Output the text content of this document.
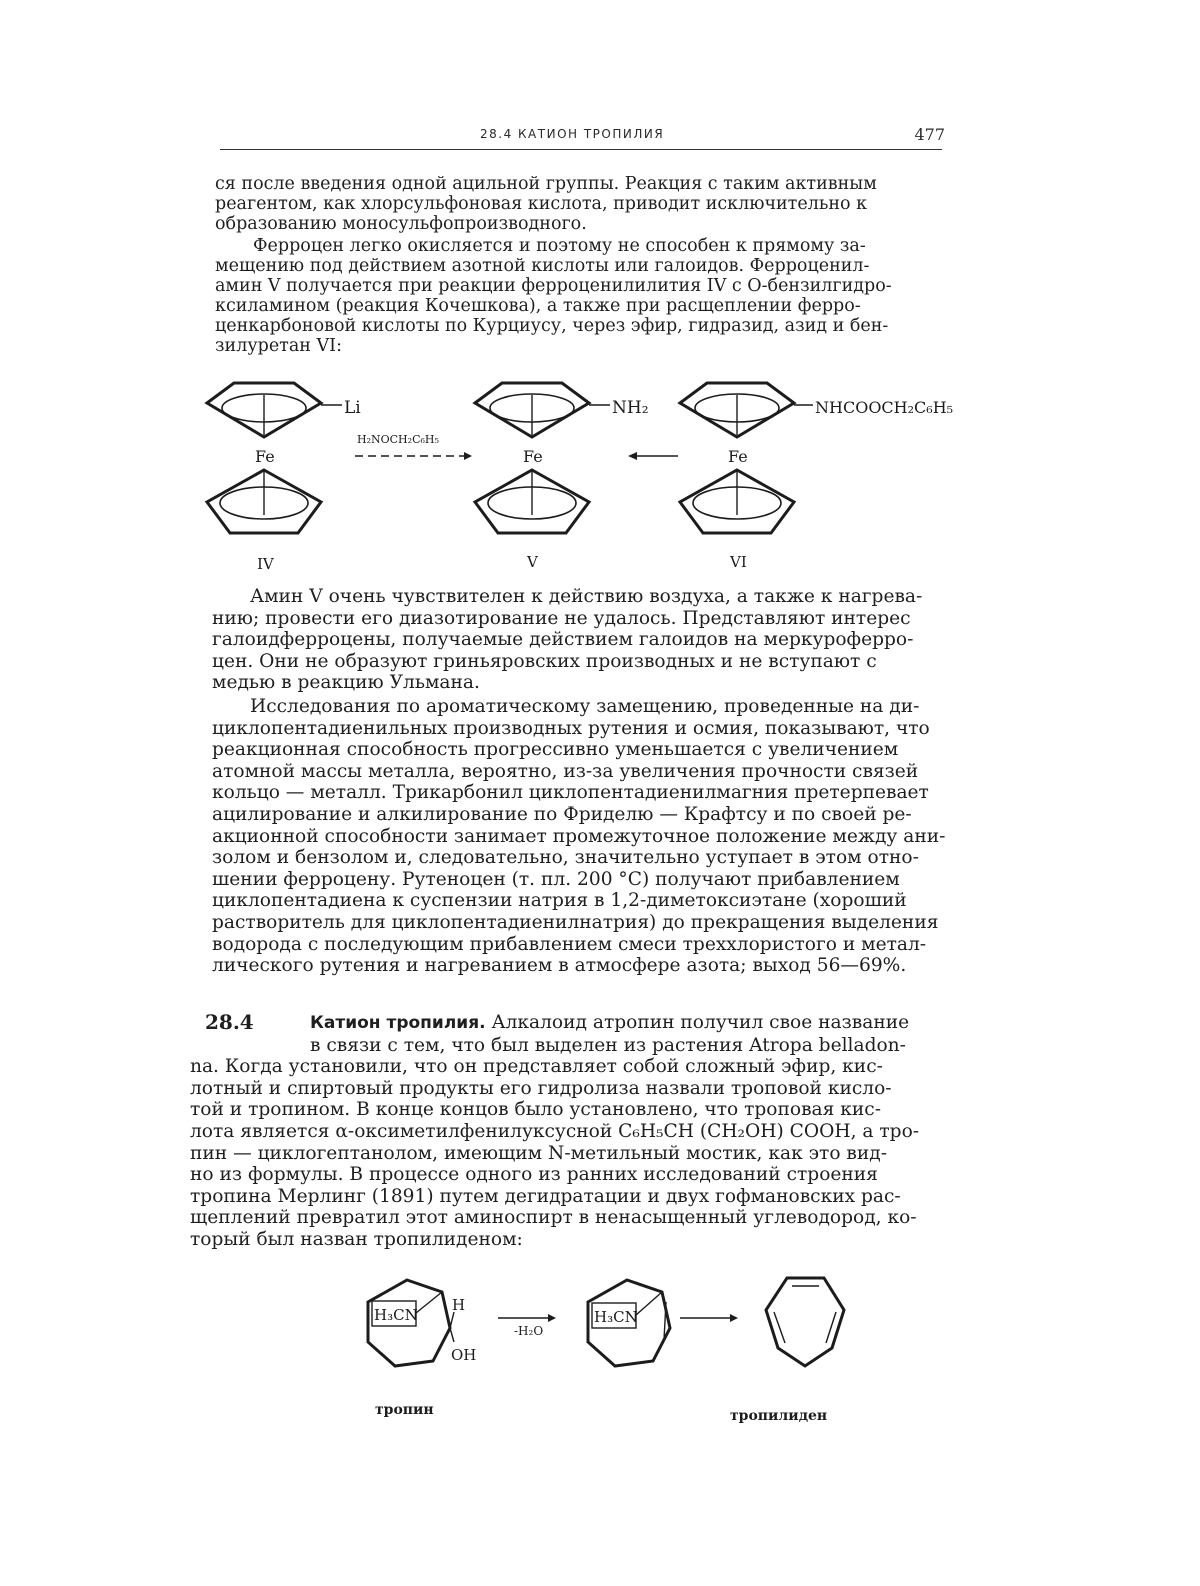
28.4 КАТИОН ТРОПИЛИЯ	477

ся после введения одной ацильной группы. Реакция с таким активным

реагентом, как хлорсульфоновая кислота, приводит исключительно к

образованию моносульфопроизводного.

Ферроцен легко окисляется и поэтому не способен к прямому за-

мещению под действием азотной кислоты или галоидов. Ферроценил-

амин V получается при реакции ферроценилилития IV с О-бензилгидро-

ксиламином (реакция Кочешкова), а также при расщеплении ферро-

ценкарбоновой кислоты по Курциусу, через эфир, гидразид, азид и бен-

зилуретан VI:

Li
Fe
H₂NOCH₂C₆H₅
NH₂
Fe
NHCOOCH₂C₆H₅
Fe
IV	V	VI

Амин V очень чувствителен к действию воздуха, а также к нагрева-

нию; провести его диазотирование не удалось. Представляют интерес

галоидферроцены, получаемые действием галоидов на меркуроферро-

цен. Они не образуют гриньяровских производных и не вступают с

медью в реакцию Ульмана.

Исследования по ароматическому замещению, проведенные на ди-

циклопентадиенильных производных рутения и осмия, показывают, что

реакционная способность прогрессивно уменьшается с увеличением

атомной массы металла, вероятно, из-за увеличения прочности связей

кольцо — металл. Трикарбонил циклопентадиенилмагния претерпевает

ацилирование и алкилирование по Фриделю — Крафтсу и по своей ре-

акционной способности занимает промежуточное положение между ани-

золом и бензолом и, следовательно, значительно уступает в этом отно-

шении ферроцену. Рутеноцен (т. пл. 200 °C) получают прибавлением

циклопентадиена к суспензии натрия в 1,2-диметоксиэтане (хороший

растворитель для циклопентадиенилнатрия) до прекращения выделения

водорода с последующим прибавлением смеси треххлористого и метал-

лического рутения и нагреванием в атмосфере азота; выход 56—69%.

28.4	Катион тропилия. Алкалоид атропин получил свое название

в связи с тем, что был выделен из растения Atropa belladon-

na. Когда установили, что он представляет собой сложный эфир, кис-

лотный и спиртовый продукты его гидролиза назвали троповой кисло-

той и тропином. В конце концов было установлено, что троповая кис-

лота является α-оксиметилфенилуксусной C₆H₅CH (CH₂OH) COOH, а тро-

пин — циклогептанолом, имеющим N-метильный мостик, как это вид-

но из формулы. В процессе одного из ранних исследований строения

тропина Мерлинг (1891) путем дегидратации и двух гофмановских рас-

щеплений превратил этот аминоспирт в ненасыщенный углеводород, ко-

торый был назван тропилиденом:

H₃CN
H
OH
тропин
-H₂O
H₃CN
тропилиден
